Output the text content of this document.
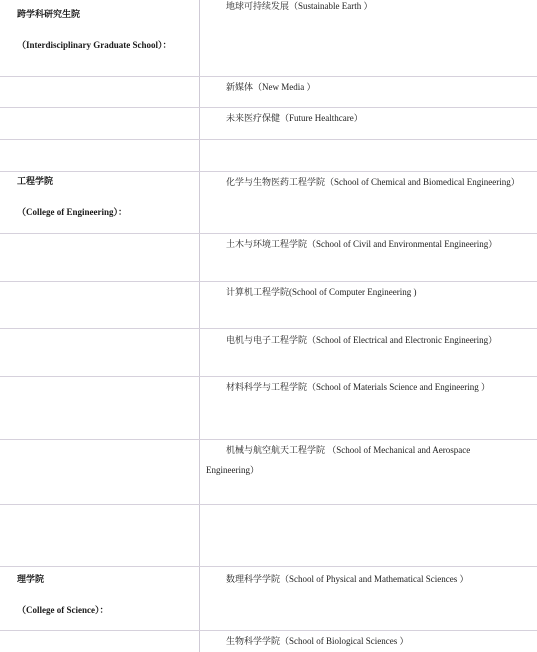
跨学科研究生院
（Interdisciplinary Graduate School）：
工程学院
（College of Engineering）：
理学院
（College of Science）：
地球可持续发展（Sustainable Earth ）
新媒体（New Media ）
未来医疗保健（Future Healthcare）
化学与生物医药工程学院（School of Chemical and Biomedical Engineering）
土木与环境工程学院（School of Civil and Environmental Engineering）
计算机工程学院(School of Computer Engineering )
电机与电子工程学院（School of Electrical and Electronic Engineering）
材料科学与工程学院（School of Materials Science and Engineering ）
机械与航空航天工程学院 （School of Mechanical and Aerospace
Engineering）
数理科学学院（School of Physical and Mathematical Sciences ）
生物科学学院（School of Biological Sciences ）
